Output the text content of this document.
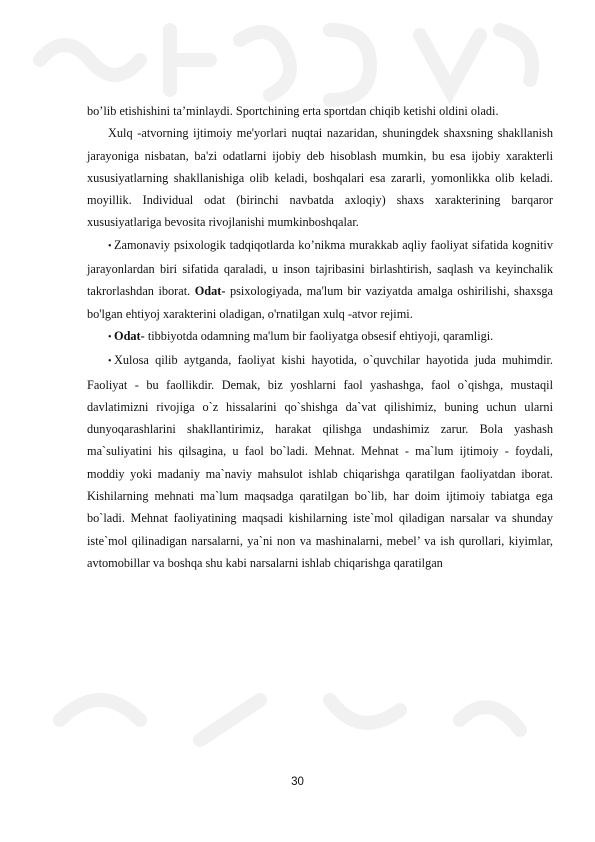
bo’lib etishishini ta’minlaydi. Sportchining erta sportdan chiqib ketishi oldini oladi.

Xulq -atvorning ijtimoiy me'yorlari nuqtai nazaridan, shuningdek shaxsning shakllanish jarayoniga nisbatan, ba'zi odatlarni ijobiy deb hisoblash mumkin, bu esa ijobiy xarakterli xususiyatlarning shakllanishiga olib keladi, boshqalari esa zararli, yomonlikka olib keladi. moyillik. Individual odat (birinchi navbatda axloqiy) shaxs xarakterining barqaror xususiyatlariga bevosita rivojlanishi mumkinboshqalar.

• Zamonaviy psixologik tadqiqotlarda ko’nikma murakkab aqliy faoliyat sifatida kognitiv jarayonlardan biri sifatida qaraladi, u inson tajribasini birlashtirish, saqlash va keyinchalik takrorlashdan iborat. Odat- psixologiyada, ma'lum bir vaziyatda amalga oshirilishi, shaxsga bo'lgan ehtiyoj xarakterini oladigan, o'rnatilgan xulq -atvor rejimi.

• Odat- tibbiyotda odamning ma'lum bir faoliyatga obsesif ehtiyoji, qaramligi.

• Xulosa qilib aytganda, faoliyat kishi hayotida, o`quvchilar hayotida juda muhimdir. Faoliyat - bu faollikdir. Demak, biz yoshlarni faol yashashga, faol o`qishga, mustaqil davlatimizni rivojiga o`z hissalarini qo`shishga da`vat qilishimiz, buning uchun ularni dunyoqarashlarini shakllantirimiz, harakat qilishga undashimiz zarur. Bola yashash ma`suliyatini his qilsagina, u faol bo`ladi. Mehnat. Mehnat - ma`lum ijtimoiy - foydali, moddiy yoki madaniy ma`naviy mahsulot ishlab chiqarishga qaratilgan faoliyatdan iborat. Kishilarning mehnati ma`lum maqsadga qaratilgan bo`lib, har doim ijtimoiy tabiatga ega bo`ladi. Mehnat faoliyatining maqsadi kishilarning iste`mol qiladigan narsalar va shunday iste`mol qilinadigan narsalarni, ya`ni non va mashinalarni, mebel’ va ish qurollari, kiyimlar, avtomobillar va boshqa shu kabi narsalarni ishlab chiqarishga qaratilgan

30
